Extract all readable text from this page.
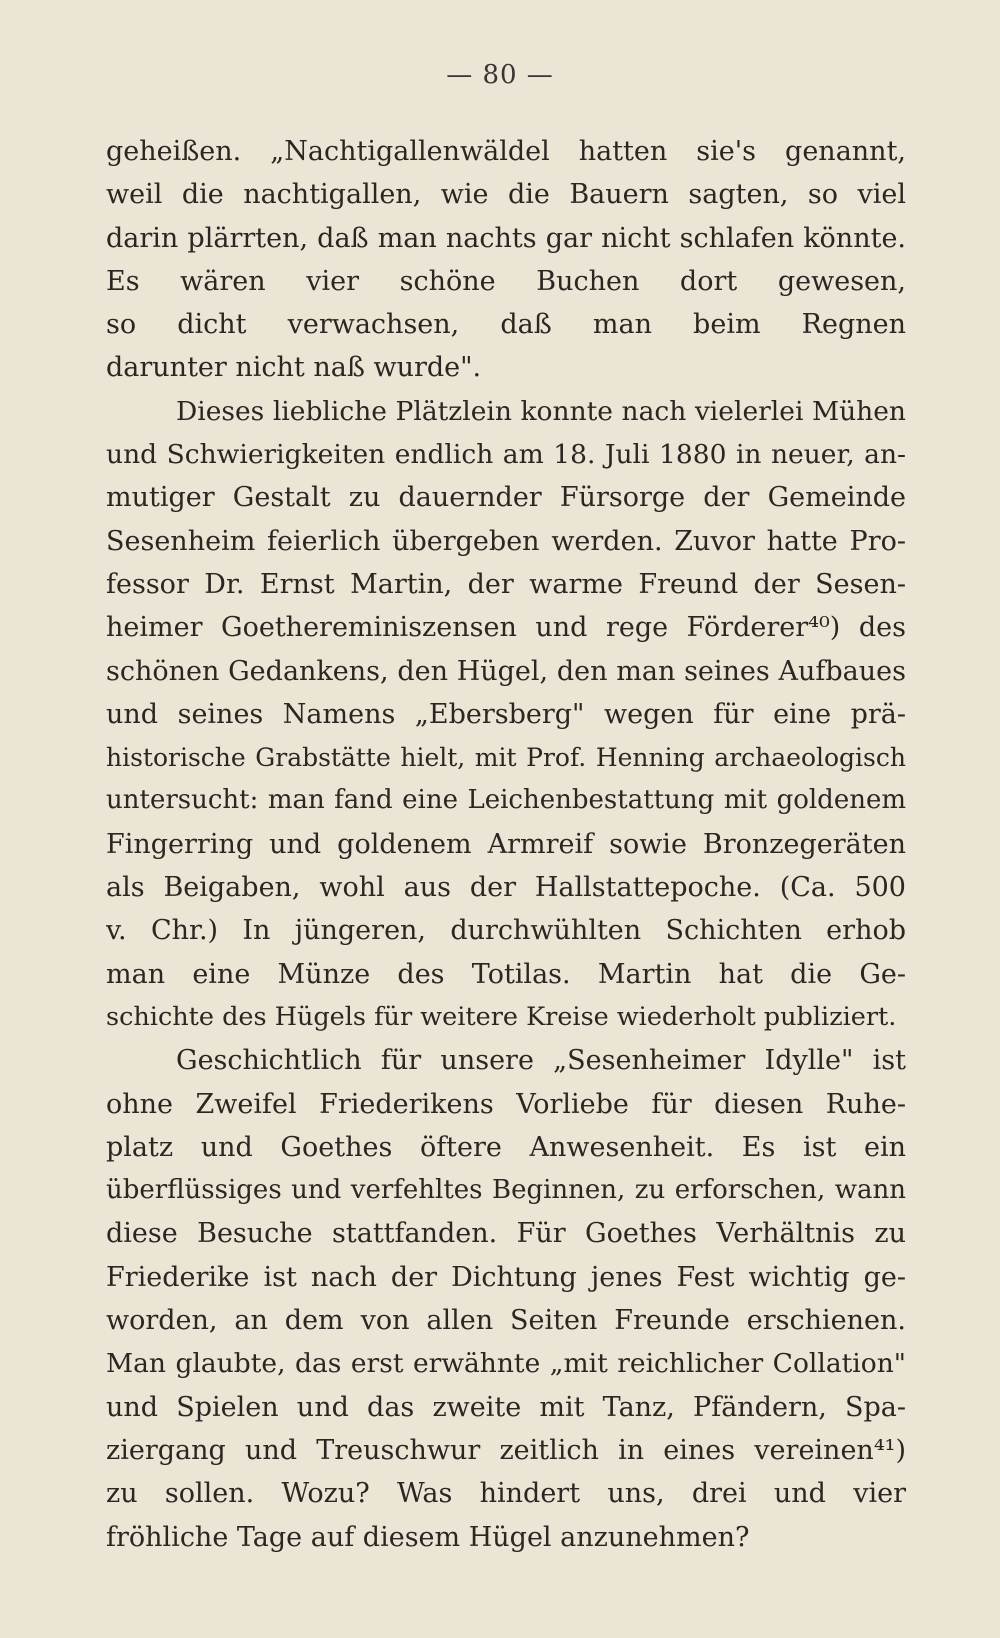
— 80 —
geheißen. „Nachtigallenwäldel hatten sie's genannt,
weil die nachtigallen, wie die Bauern sagten, so viel
darin plärrten, daß man nachts gar nicht schlafen könnte.
Es wären vier schöne Buchen dort gewesen,
so dicht verwachsen, daß man beim Regnen
darunter nicht naß wurde".
Dieses liebliche Plätzlein konnte nach vielerlei Mühen
und Schwierigkeiten endlich am 18. Juli 1880 in neuer, an-
mutiger Gestalt zu dauernder Fürsorge der Gemeinde
Sesenheim feierlich übergeben werden. Zuvor hatte Pro-
fessor Dr. Ernst Martin, der warme Freund der Sesen-
heimer Goethereminiszensen und rege Förderer⁴⁰) des
schönen Gedankens, den Hügel, den man seines Aufbaues
und seines Namens „Ebersberg" wegen für eine prä-
historische Grabstätte hielt, mit Prof. Henning archaeologisch
untersucht: man fand eine Leichenbestattung mit goldenem
Fingerring und goldenem Armreif sowie Bronzegeräten
als Beigaben, wohl aus der Hallstattepoche. (Ca. 500
v. Chr.) In jüngeren, durchwühlten Schichten erhob
man eine Münze des Totilas. Martin hat die Ge-
schichte des Hügels für weitere Kreise wiederholt publiziert.
Geschichtlich für unsere „Sesenheimer Idylle" ist
ohne Zweifel Friederikens Vorliebe für diesen Ruhe-
platz und Goethes öftere Anwesenheit. Es ist ein
überflüssiges und verfehltes Beginnen, zu erforschen, wann
diese Besuche stattfanden. Für Goethes Verhältnis zu
Friederike ist nach der Dichtung jenes Fest wichtig ge-
worden, an dem von allen Seiten Freunde erschienen.
Man glaubte, das erst erwähnte „mit reichlicher Collation"
und Spielen und das zweite mit Tanz, Pfändern, Spa-
ziergang und Treuschwur zeitlich in eines vereinen⁴¹)
zu sollen. Wozu? Was hindert uns, drei und vier
fröhliche Tage auf diesem Hügel anzunehmen?
